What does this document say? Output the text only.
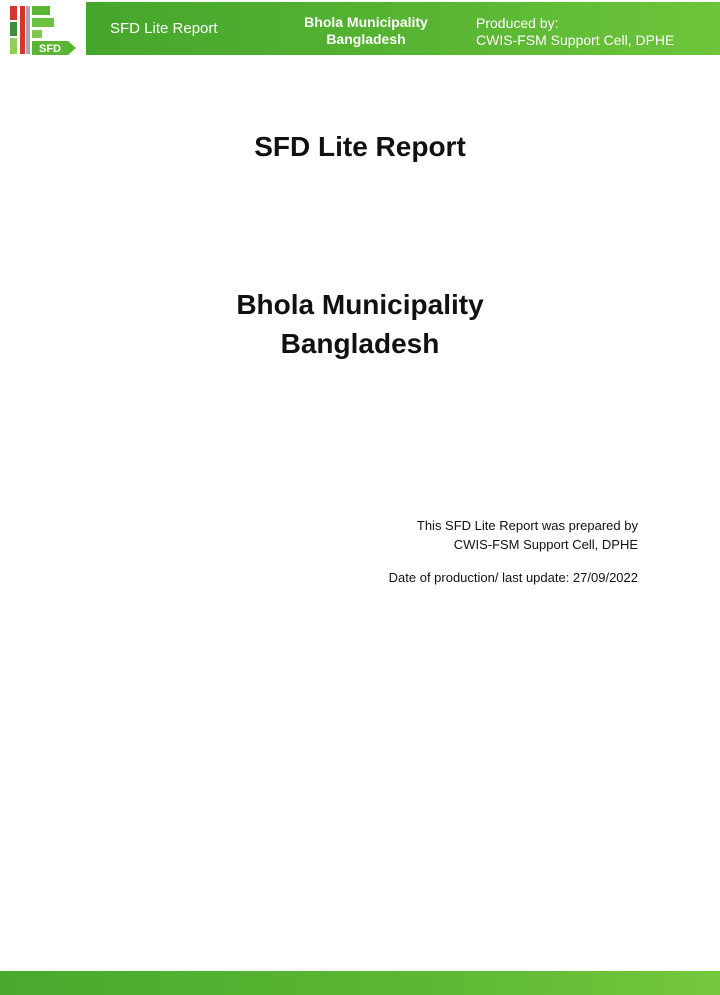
SFD
SFD Lite Report	Bhola Municipality
Bangladesh
Produced by:
CWIS-FSM Support Cell, DPHE
SFD Lite Report
Bhola Municipality
Bangladesh
This SFD Lite Report was prepared by
CWIS-FSM Support Cell, DPHE
Date of production/ last update: 27/09/2022
